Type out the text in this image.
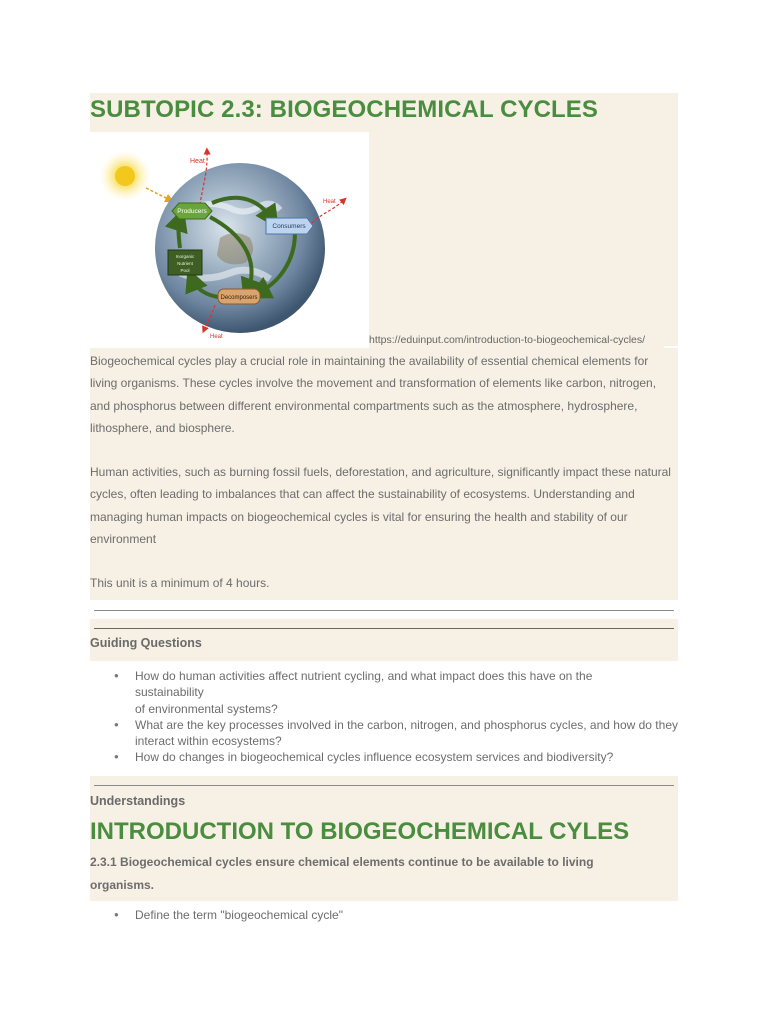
SUBTOPIC 2.3: BIOGEOCHEMICAL CYCLES
Heat
Heat
Heat
Producers
Consumers
Decomposers
Inorganic
Nutrient
Pool
https://eduinput.com/introduction-to-biogeochemical-cycles/

Biogeochemical cycles play a crucial role in maintaining the availability of essential chemical elements for living organisms. These cycles involve the movement and transformation of elements like carbon, nitrogen, and phosphorus between different environmental compartments such as the atmosphere, hydrosphere, lithosphere, and biosphere.

Human activities, such as burning fossil fuels, deforestation, and agriculture, significantly impact these natural cycles, often leading to imbalances that can affect the sustainability of ecosystems. Understanding and managing human impacts on biogeochemical cycles is vital for ensuring the health and stability of our environment

This unit is a minimum of 4 hours.

Guiding Questions
● How do human activities affect nutrient cycling, and what impact does this have on the
sustainability
of environmental systems?
● What are the key processes involved in the carbon, nitrogen, and phosphorus cycles, and how do they interact within ecosystems?
● How do changes in biogeochemical cycles influence ecosystem services and biodiversity?
Understandings
INTRODUCTION TO BIOGEOCHEMICAL CYLES

2.3.1 Biogeochemical cycles ensure chemical elements continue to be available to living organisms.

● Define the term "biogeochemical cycle"
